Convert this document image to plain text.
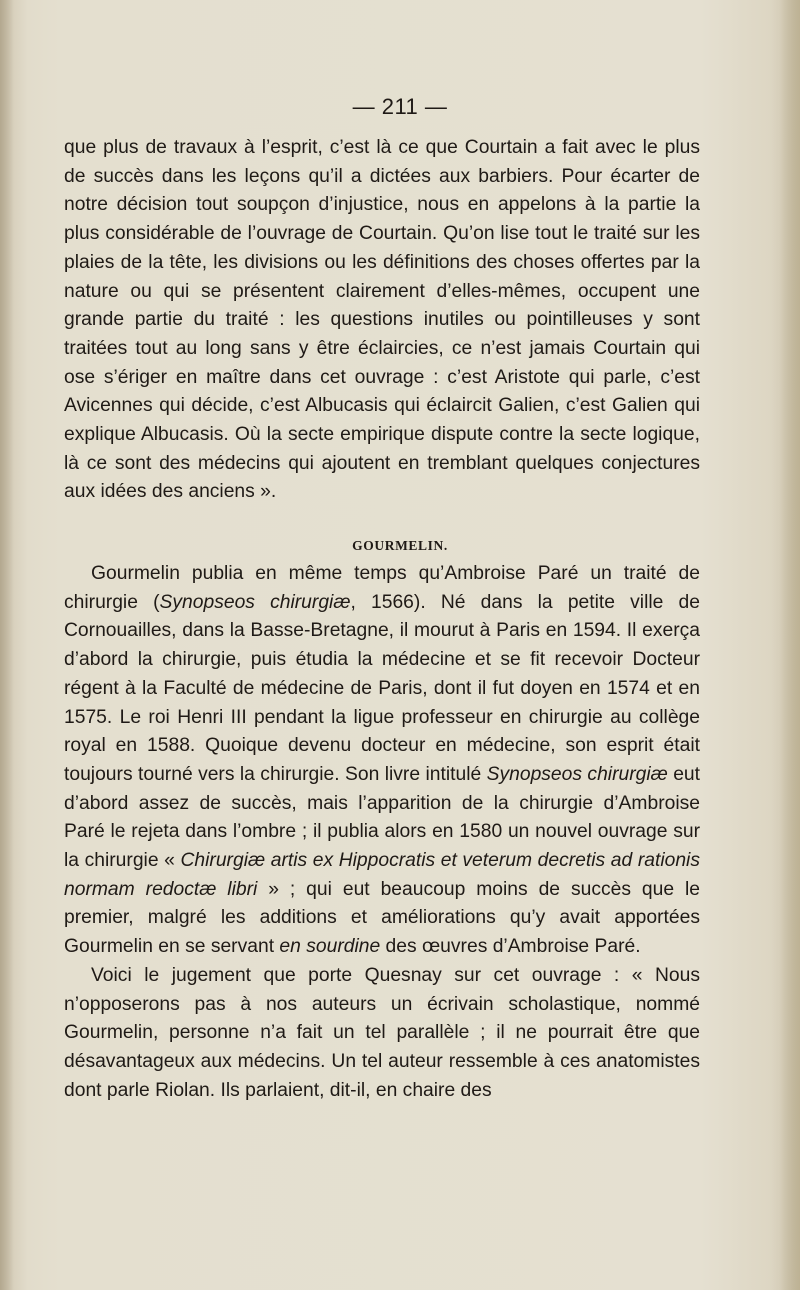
— 211 —

que plus de travaux à l’esprit, c’est là ce que Courtain a fait avec le plus de succès dans les leçons qu’il a dictées aux barbiers. Pour écarter de notre décision tout soupçon d’injustice, nous en appelons à la partie la plus considérable de l’ouvrage de Courtain. Qu’on lise tout le traité sur les plaies de la tête, les divisions ou les définitions des choses offertes par la nature ou qui se présentent clairement d’elles-mêmes, occupent une grande partie du traité : les questions inutiles ou pointilleuses y sont traitées tout au long sans y être éclaircies, ce n’est jamais Courtain qui ose s’ériger en maître dans cet ouvrage : c’est Aristote qui parle, c’est Avicennes qui décide, c’est Albucasis qui éclaircit Galien, c’est Galien qui explique Albucasis. Où la secte empirique dispute contre la secte logique, là ce sont des médecins qui ajoutent en tremblant quelques conjectures aux idées des anciens ».

GOURMELIN.

Gourmelin publia en même temps qu’Ambroise Paré un traité de chirurgie (Synopseos chirurgiæ, 1566). Né dans la petite ville de Cornouailles, dans la Basse-Bretagne, il mourut à Paris en 1594. Il exerça d’abord la chirurgie, puis étudia la médecine et se fit recevoir Docteur régent à la Faculté de médecine de Paris, dont il fut doyen en 1574 et en 1575. Le roi Henri III pendant la ligue professeur en chirurgie au collège royal en 1588. Quoique devenu docteur en médecine, son esprit était toujours tourné vers la chirurgie. Son livre intitulé Synopseos chirurgiæ eut d’abord assez de succès, mais l’apparition de la chirurgie d’Ambroise Paré le rejeta dans l’ombre ; il publia alors en 1580 un nouvel ouvrage sur la chirurgie « Chirurgiæ artis ex Hippocratis et veterum decretis ad rationis normam redoctæ libri » ; qui eut beaucoup moins de succès que le premier, malgré les additions et améliorations qu’y avait apportées Gourmelin en se servant en sourdine des œuvres d’Ambroise Paré.

Voici le jugement que porte Quesnay sur cet ouvrage : « Nous n’opposerons pas à nos auteurs un écrivain scholastique, nommé Gourmelin, personne n’a fait un tel parallèle ; il ne pourrait être que désavantageux aux médecins. Un tel auteur ressemble à ces anatomistes dont parle Riolan. Ils parlaient, dit-il, en chaire des
